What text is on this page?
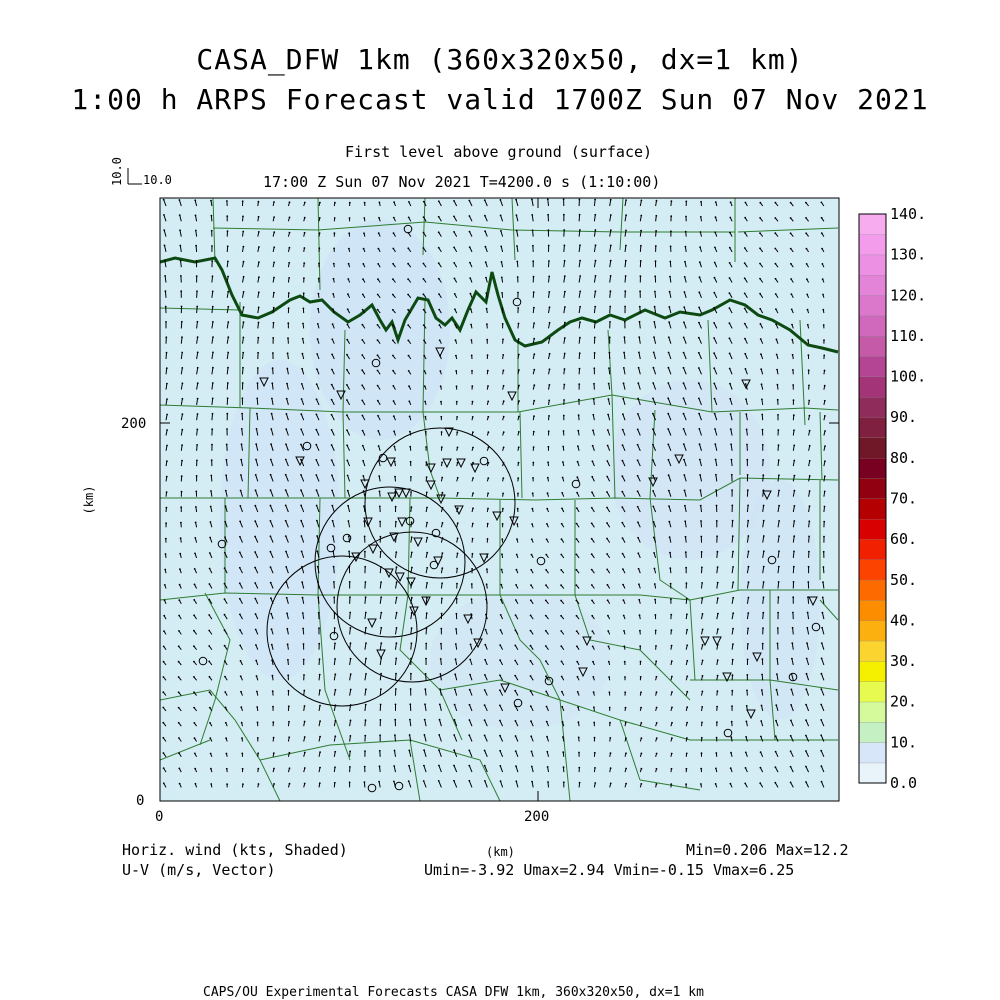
CASA_DFW 1km (360x320x50, dx=1 km)
1:00 h ARPS Forecast valid 1700Z Sun 07 Nov 2021
First level above ground (surface)
17:00 Z Sun 07 Nov 2021 T=4200.0 s (1:10:00)
10.0
10.0
0
200
0	200
(km)
0.0
10.
20.
30.
40.
50.
60.
70.
80.
90.
100.
110.
120.
130.
140.
Horiz. wind (kts, Shaded)
U-V (m/s, Vector)
(km)	Min=0.206 Max=12.2
Umin=-3.92 Umax=2.94 Vmin=-0.15 Vmax=6.25
CAPS/OU Experimental Forecasts CASA DFW 1km, 360x320x50, dx=1 km
